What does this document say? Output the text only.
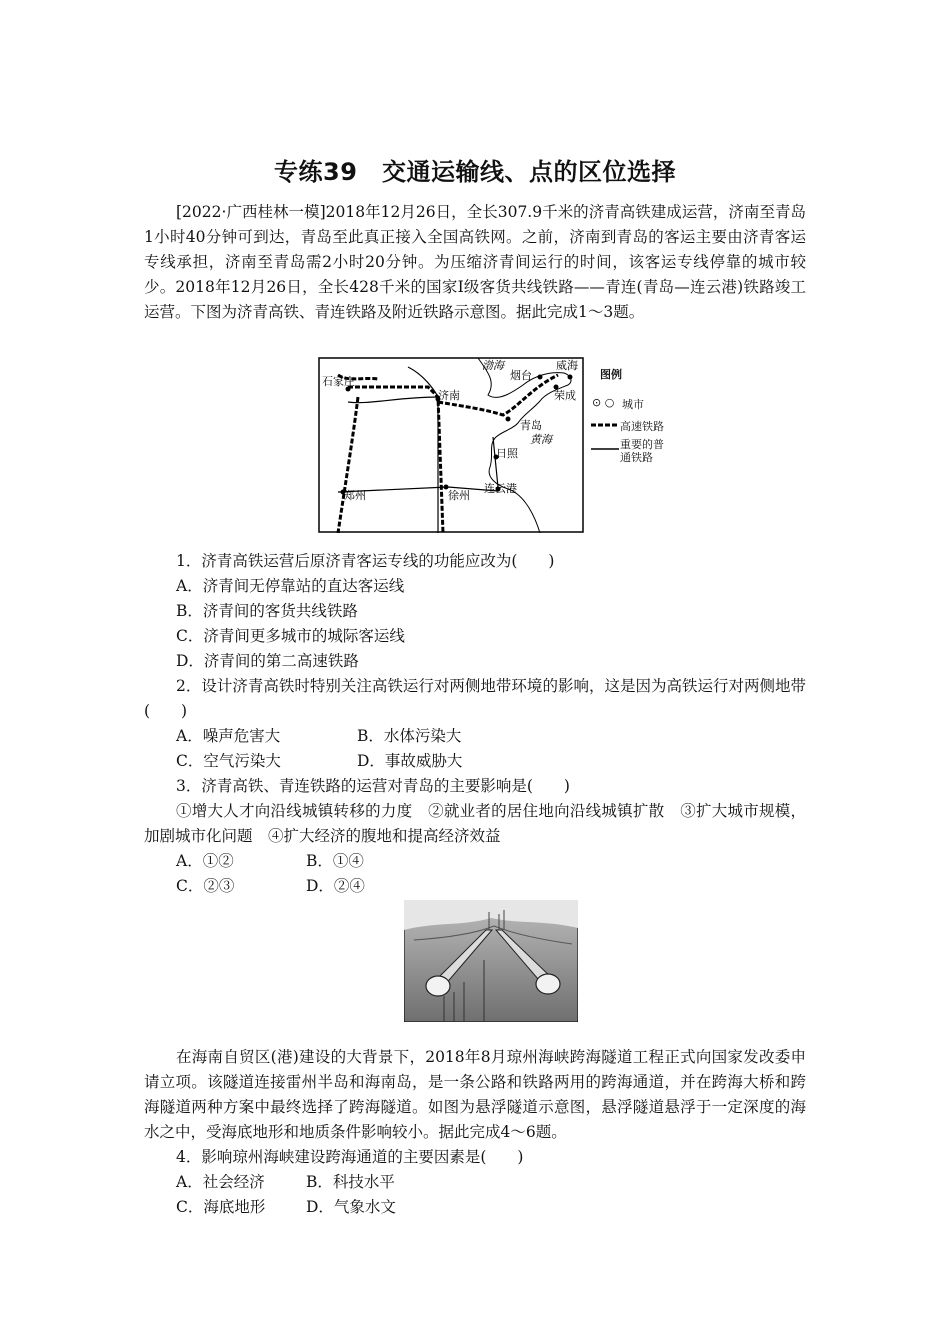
专练39　交通运输线、点的区位选择

[2022·广西桂林一模]2018年12月26日，全长307.9千米的济青高铁建成运营，济南至青岛1小时40分钟可到达，青岛至此真正接入全国高铁网。之前，济南到青岛的客运主要由济青客运专线承担，济南至青岛需2小时20分钟。为压缩济青间运行的时间，该客运专线停靠的城市较少。2018年12月26日，全长428千米的国家Ⅰ级客货共线铁路——青连(青岛—连云港)铁路竣工运营。下图为济青高铁、青连铁路及附近铁路示意图。据此完成1～3题。

石家庄
济南
郑州	徐州
连云港
日照
青岛
烟台
威海
荣成
渤海
黄海
图例
⊙ ○ 城市
高速铁路
重要的普通铁路
1．济青高铁运营后原济青客运专线的功能应改为(　　)
A．济青间无停靠站的直达客运线
B．济青间的客货共线铁路
C．济青间更多城市的城际客运线
D．济青间的第二高速铁路
2．设计济青高铁时特别关注高铁运行对两侧地带环境的影响，这是因为高铁运行对两侧地带(　　)
A．噪声危害大	B．水体污染大
C．空气污染大	D．事故威胁大
3．济青高铁、青连铁路的运营对青岛的主要影响是(　　)
①增大人才向沿线城镇转移的力度　②就业者的居住地向沿线城镇扩散　③扩大城市规模，加剧城市化问题　④扩大经济的腹地和提高经济效益
A．①②	B．①④
C．②③	D．②④

在海南自贸区(港)建设的大背景下，2018年8月琼州海峡跨海隧道工程正式向国家发改委申请立项。该隧道连接雷州半岛和海南岛，是一条公路和铁路两用的跨海通道，并在跨海大桥和跨海隧道两种方案中最终选择了跨海隧道。如图为悬浮隧道示意图，悬浮隧道悬浮于一定深度的海水之中，受海底地形和地质条件影响较小。据此完成4～6题。

4．影响琼州海峡建设跨海通道的主要因素是(　　)
A．社会经济	B．科技水平
C．海底地形	D．气象水文
